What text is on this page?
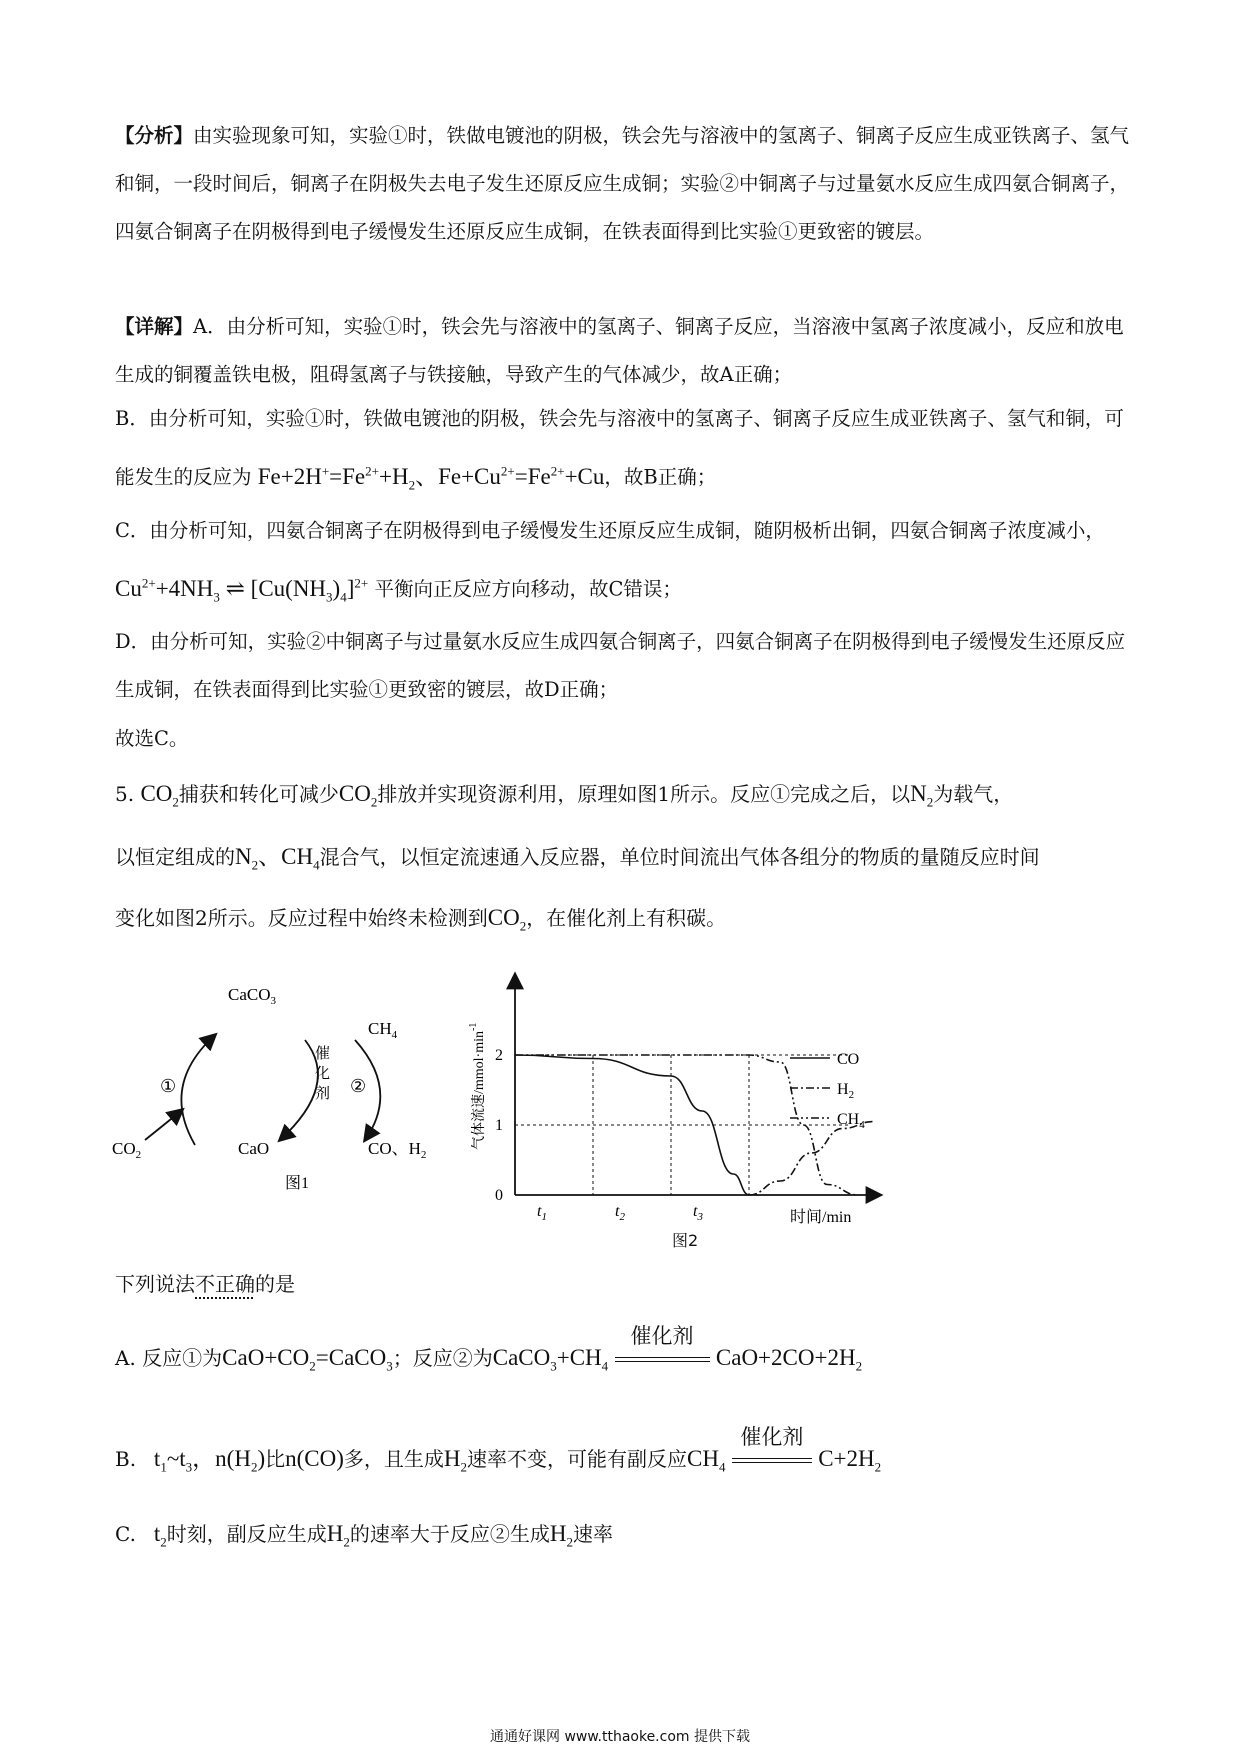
【分析】由实验现象可知，实验①时，铁做电镀池的阴极，铁会先与溶液中的氢离子、铜离子反应生成亚铁离子、氢气和铜，一段时间后，铜离子在阴极失去电子发生还原反应生成铜；实验②中铜离子与过量氨水反应生成四氨合铜离子，四氨合铜离子在阴极得到电子缓慢发生还原反应生成铜，在铁表面得到比实验①更致密的镀层。
【详解】A．由分析可知，实验①时，铁会先与溶液中的氢离子、铜离子反应，当溶液中氢离子浓度减小，反应和放电生成的铜覆盖铁电极，阻碍氢离子与铁接触，导致产生的气体减少，故A正确；
B．由分析可知，实验①时，铁做电镀池的阴极，铁会先与溶液中的氢离子、铜离子反应生成亚铁离子、氢气和铜，可能发生的反应为 $Fe+2H^+=Fe^{2+}+H_2$、$Fe+Cu^{2+}=Fe^{2+}+Cu$，故B正确；
C．由分析可知，四氨合铜离子在阴极得到电子缓慢发生还原反应生成铜，随阴极析出铜，四氨合铜离子浓度减小， $Cu^{2+}+4NH_3$ ⇌ $[Cu(NH_3)_4]^{2+}$ 平衡向正反应方向移动，故C错误；
D．由分析可知，实验②中铜离子与过量氨水反应生成四氨合铜离子，四氨合铜离子在阴极得到电子缓慢发生还原反应生成铜，在铁表面得到比实验①更致密的镀层，故D正确；
故选C。
5. $CO_2$捕获和转化可减少$CO_2$排放并实现资源利用，原理如图1所示。反应①完成之后，以$N_2$为载气，
以恒定组成的$N_2$、$CH_4$混合气，以恒定流速通入反应器，单位时间流出气体各组分的物质的量随反应时间
变化如图2所示。反应过程中始终未检测到$CO_2$，在催化剂上有积碳。
CaCO$_3$
$CH_4$
$CO_2$	CaO	CO、$H_2$
①	②
催
化
剂
图1
0
1
2
$t_1$	$t_2$	$t_3$	时间/min
气体流速$/mmol\cdot\min^{-1}$
CO
$H_2$
$CH_4$
图2
下列说法不正确的是
A. 反应①为$CaO+CO_2=CaCO_3$；反应②为$CaCO_3+CH_4$
催化剂
$CaO+2CO+2H_2$
B.   $t_1\sim t_3$，$n(H_2)$比n(CO)多，且生成$H_2$速率不变，可能有副反应$CH_4$
催化剂
$C+2H_2$
C.   $t_2$时刻，副反应生成$H_2$的速率大于反应②生成$H_2$速率
通通好课网 www.tthaoke.com 提供下载
